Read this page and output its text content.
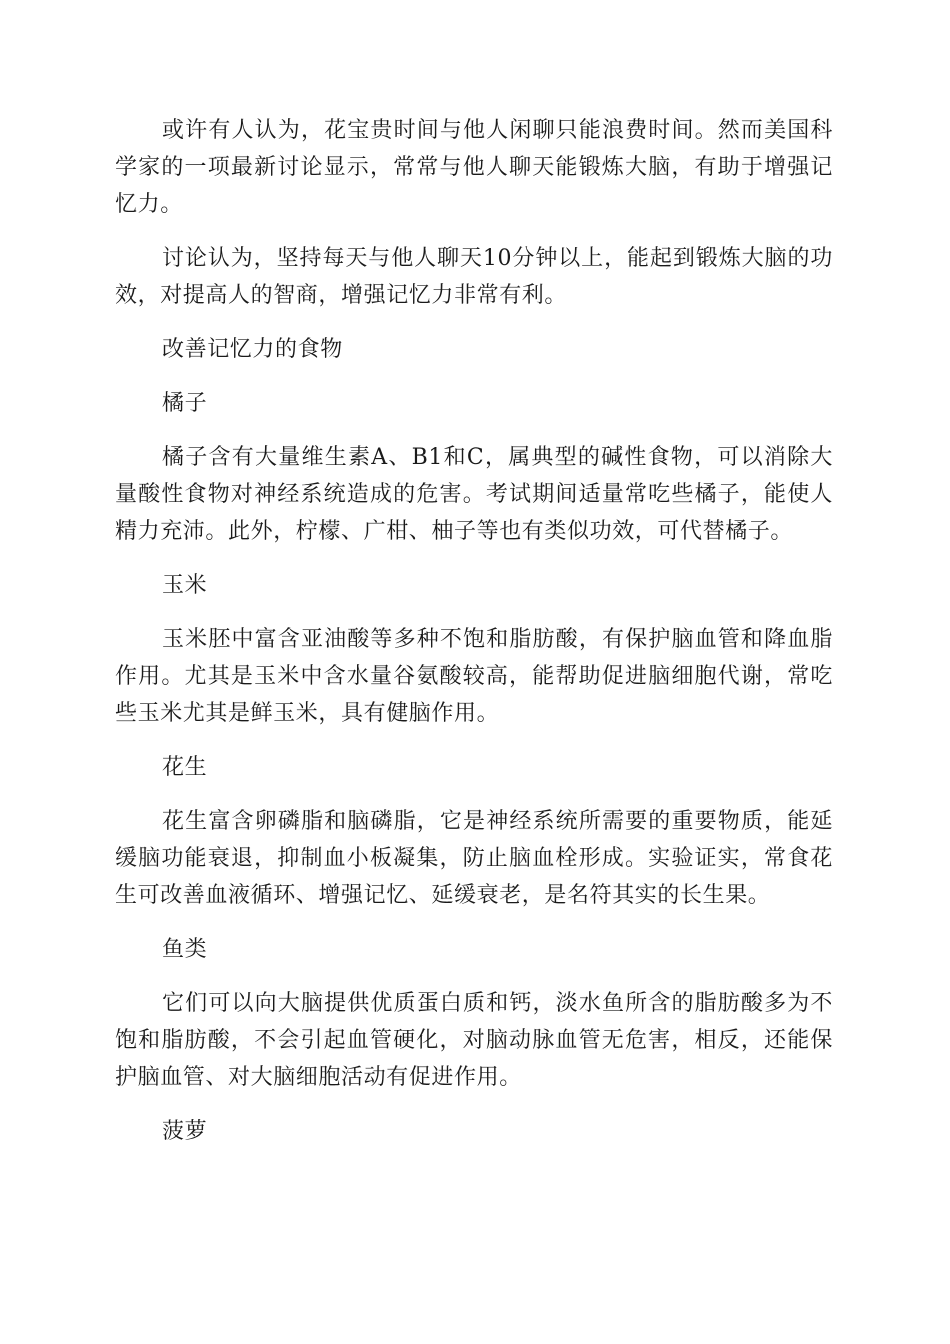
或许有人认为，花宝贵时间与他人闲聊只能浪费时间。然而美国科学家的一项最新讨论显示，常常与他人聊天能锻炼大脑，有助于增强记忆力。

讨论认为，坚持每天与他人聊天10分钟以上，能起到锻炼大脑的功效，对提高人的智商，增强记忆力非常有利。

改善记忆力的食物

橘子

橘子含有大量维生素A、B1和C，属典型的碱性食物，可以消除大量酸性食物对神经系统造成的危害。考试期间适量常吃些橘子，能使人精力充沛。此外，柠檬、广柑、柚子等也有类似功效，可代替橘子。

玉米

玉米胚中富含亚油酸等多种不饱和脂肪酸，有保护脑血管和降血脂作用。尤其是玉米中含水量谷氨酸较高，能帮助促进脑细胞代谢，常吃些玉米尤其是鲜玉米，具有健脑作用。

花生

花生富含卵磷脂和脑磷脂，它是神经系统所需要的重要物质，能延缓脑功能衰退，抑制血小板凝集，防止脑血栓形成。实验证实，常食花生可改善血液循环、增强记忆、延缓衰老，是名符其实的长生果。

鱼类

它们可以向大脑提供优质蛋白质和钙，淡水鱼所含的脂肪酸多为不饱和脂肪酸，不会引起血管硬化，对脑动脉血管无危害，相反，还能保护脑血管、对大脑细胞活动有促进作用。

菠萝
